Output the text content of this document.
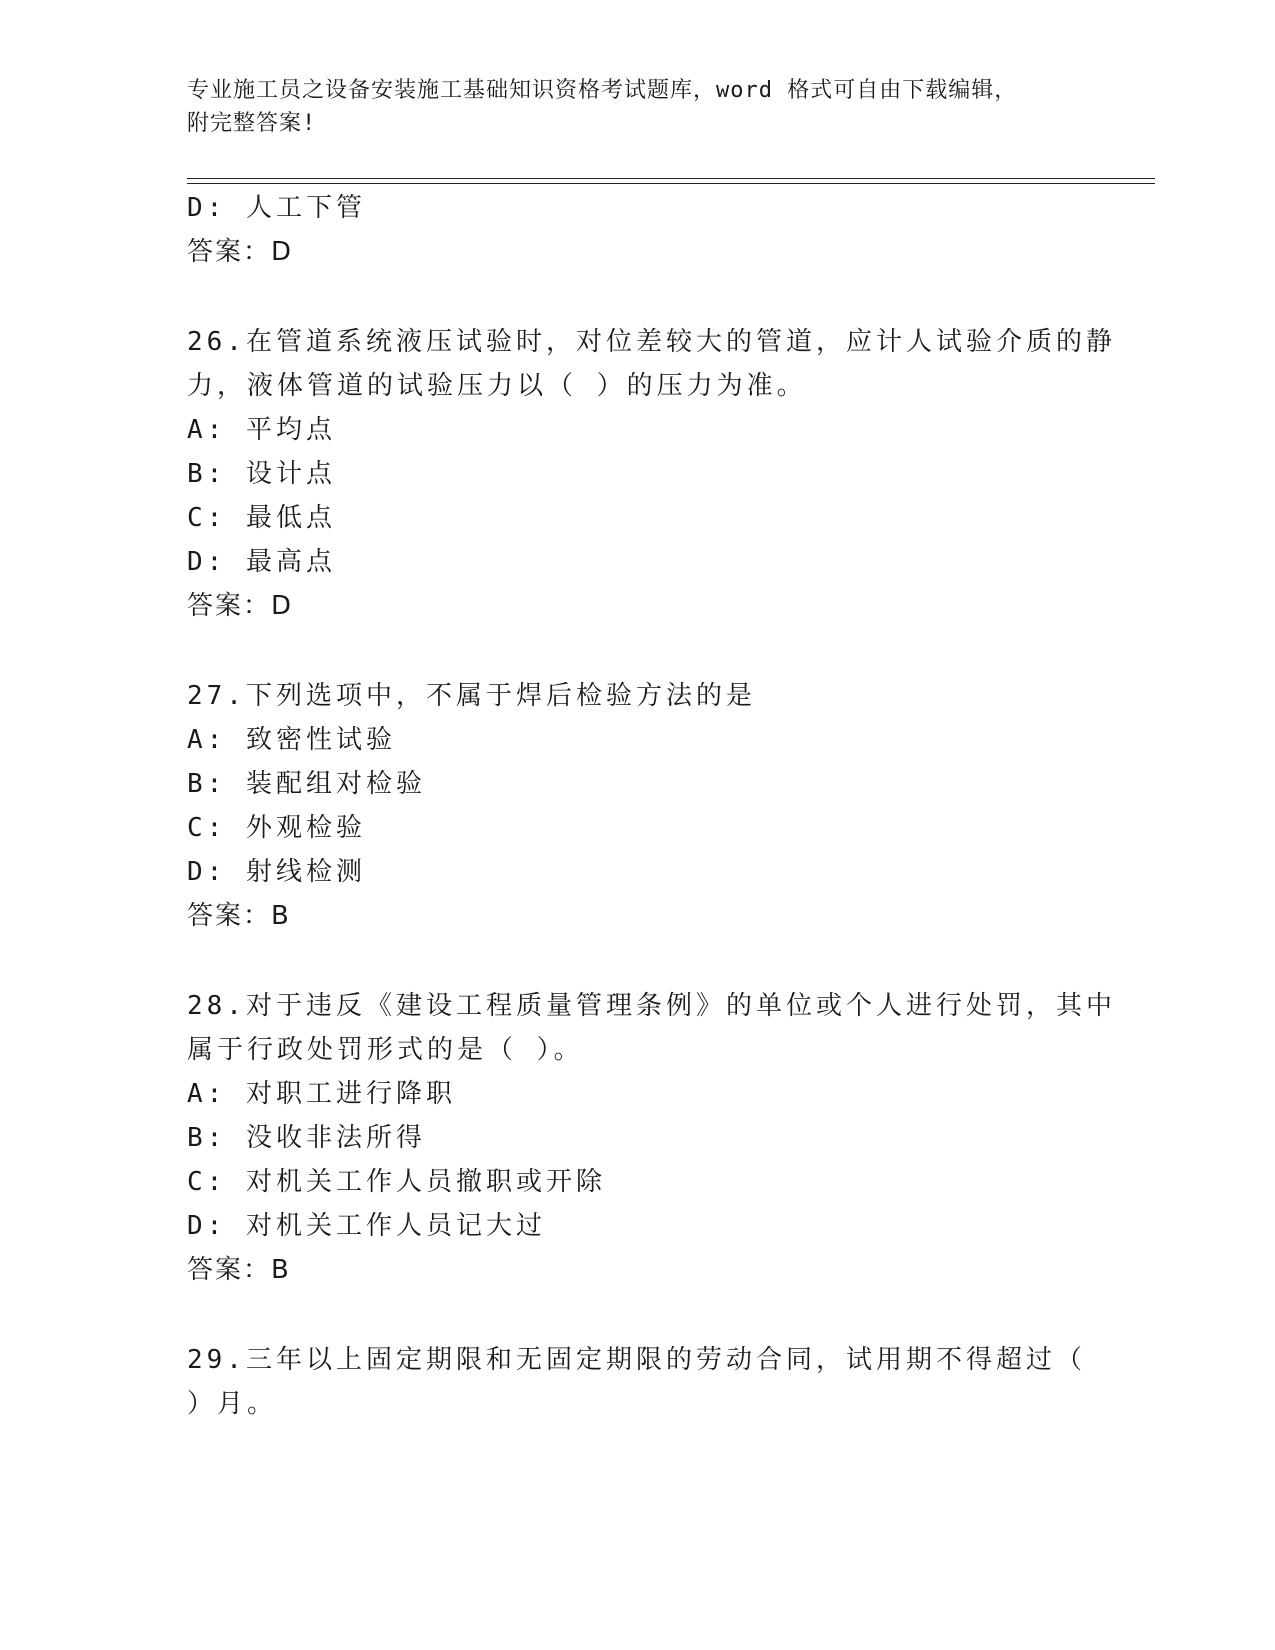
专业施工员之设备安装施工基础知识资格考试题库，word 格式可自由下载编辑，
附完整答案!
D: 人工下管
答案：D
26.在管道系统液压试验时，对位差较大的管道，应计人试验介质的静
力，液体管道的试验压力以（ ）的压力为准。
A: 平均点
B: 设计点
C: 最低点
D: 最高点
答案：D
27.下列选项中，不属于焊后检验方法的是
A: 致密性试验
B: 装配组对检验
C: 外观检验
D: 射线检测
答案：B
28.对于违反《建设工程质量管理条例》的单位或个人进行处罚，其中
属于行政处罚形式的是（ ）。
A: 对职工进行降职
B: 没收非法所得
C: 对机关工作人员撤职或开除
D: 对机关工作人员记大过
答案：B
29.三年以上固定期限和无固定期限的劳动合同，试用期不得超过（
）月。
